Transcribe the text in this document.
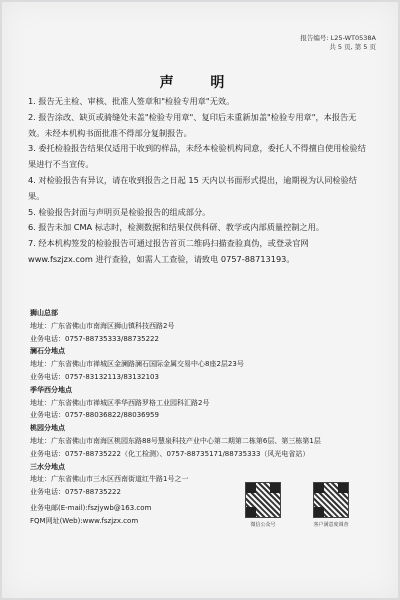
报告编号: L25-WT0538A
共 5 页, 第 5 页
声 明

1. 报告无主检、审核、批准人签章和"检验专用章"无效。

2. 报告涂改、缺页或骑缝处未盖"检验专用章"、复印后未重新加盖"检验专用章"，本报告无效。未经本机构书面批准不得部分复制报告。

3. 委托检验报告结果仅适用于收到的样品，未经本检验机构同意，委托人不得擅自使用检验结果进行不当宣传。

4. 对检验报告有异议，请在收到报告之日起 15 天内以书面形式提出，逾期视为认同检验结果。

5. 检验报告封面与声明页是检验报告的组成部分。

6. 报告未加 CMA 标志时，检测数据和结果仅供科研、教学或内部质量控制之用。

7. 经本机构签发的检验报告可通过报告首页二维码扫描查验真伪，或登录官网 www.fszjzx.com 进行查验，如需人工查验，请致电 0757-88713193。

狮山总部
地址：广东省佛山市南海区狮山镇科技西路2号
业务电话：0757-88735333/88735222
澜石分地点
地址：广东省佛山市禅城区金澜路澜石国际金属交易中心8座2层23号
业务电话：0757-83132113/83132103
季华西分地点
地址：广东省佛山市禅城区季华西路罗格工业园科汇路2号
业务电话：0757-88036822/88036959
桃园分地点
地址：广东省佛山市南海区桃园东路88号慧泉科技产业中心第二期第二栋第6层、第三栋第1层
业务电话：0757-88735222（化工检测）、0757-88735171/88735333（风光电省站）
三水分地点
地址：广东省佛山市三水区西南街道红牛路1号之一
业务电话：0757-88735222
业务电邮(E-mail):fszjywb@163.com
FQM网址(Web):www.fszjzx.com
微信公众号	客户满意度调查
